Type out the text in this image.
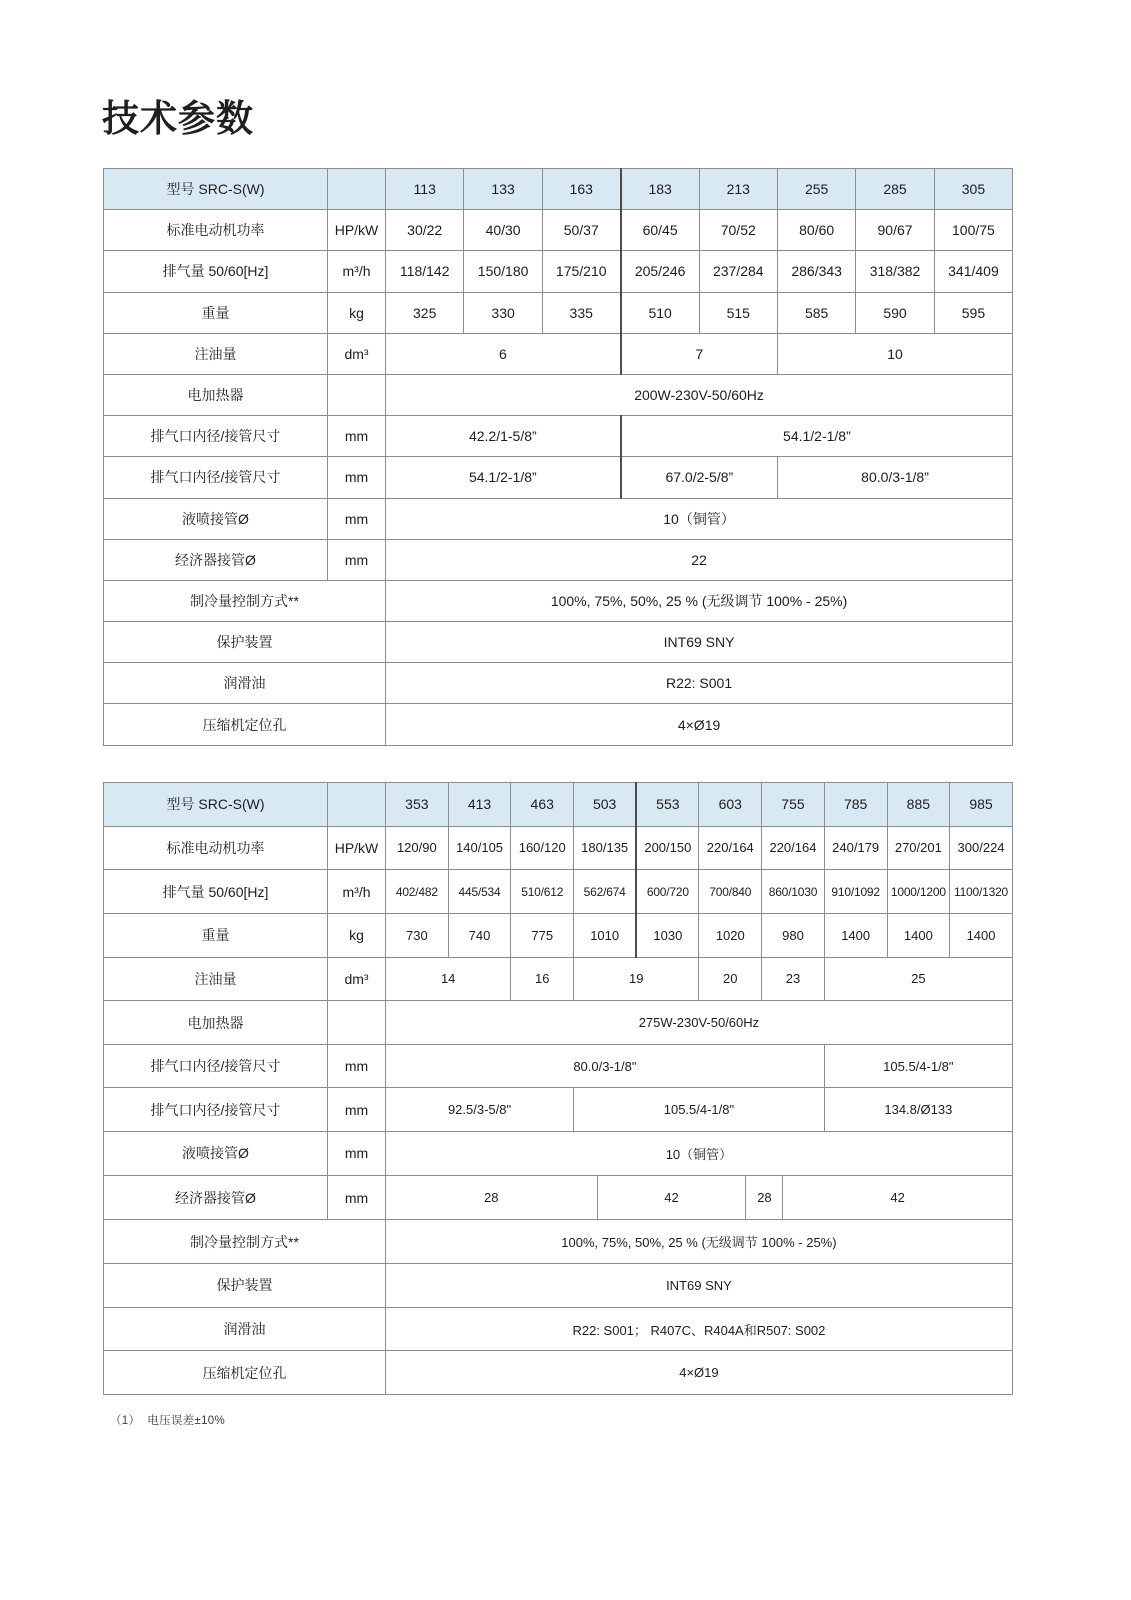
技术参数
型号 SRC-S(W)		113	133	163	183	213	255	285	305
标准电动机功率	HP/kW	30/22	40/30	50/37	60/45	70/52	80/60	90/67	100/75
排气量 50/60[Hz]	m³/h	118/142	150/180	175/210	205/246	237/284	286/343	318/382	341/409
重量	kg	325	330	335	510	515	585	590	595
注油量	dm³	6			7		10		
电加热器		200W-230V-50/60Hz							
排气口内径/接管尺寸	mm	42.2/1-5/8”			54.1/2-1/8”				
排气口内径/接管尺寸	mm	54.1/2-1/8”			67.0/2-5/8”		80.0/3-1/8”		
液喷接管Ø	mm	10（铜管）							
经济器接管Ø	mm	22							
制冷量控制方式**		100%, 75%, 50%, 25 % (无级调节 100% - 25%)							
保护装置		INT69 SNY							
润滑油		R22: S001							
压缩机定位孔		4×Ø19							
型号 SRC-S(W)		353	413	463	503	553	603	755	785	885	985
标准电动机功率	HP/kW	120/90	140/105	160/120	180/135	200/150	220/164	220/164	240/179	270/201	300/224
排气量 50/60[Hz]	m³/h	402/482	445/534	510/612	562/674	600/720	700/840	860/1030	910/1092	1000/1200	1100/1320
重量	kg	730	740	775	1010	1030	1020	980	1400	1400	1400
注油量	dm³	14		16	19		20	23	25		
电加热器		275W-230V-50/60Hz									
排气口内径/接管尺寸	mm	80.0/3-1/8"							105.5/4-1/8"		
排气口内径/接管尺寸	mm	92.5/3-5/8"			105.5/4-1/8"				134.8/Ø133		
液喷接管Ø	mm	10（铜管）									
经济器接管Ø	mm	28 42 28 42									

制冷量控制方式**		100%, 75%, 50%, 25 % (无级调节 100% - 25%)									
保护装置		INT69 SNY									
润滑油		R22: S001； R407C、R404A和R507: S002									
压缩机定位孔		4×Ø19									
（1）  电压误差±10%
